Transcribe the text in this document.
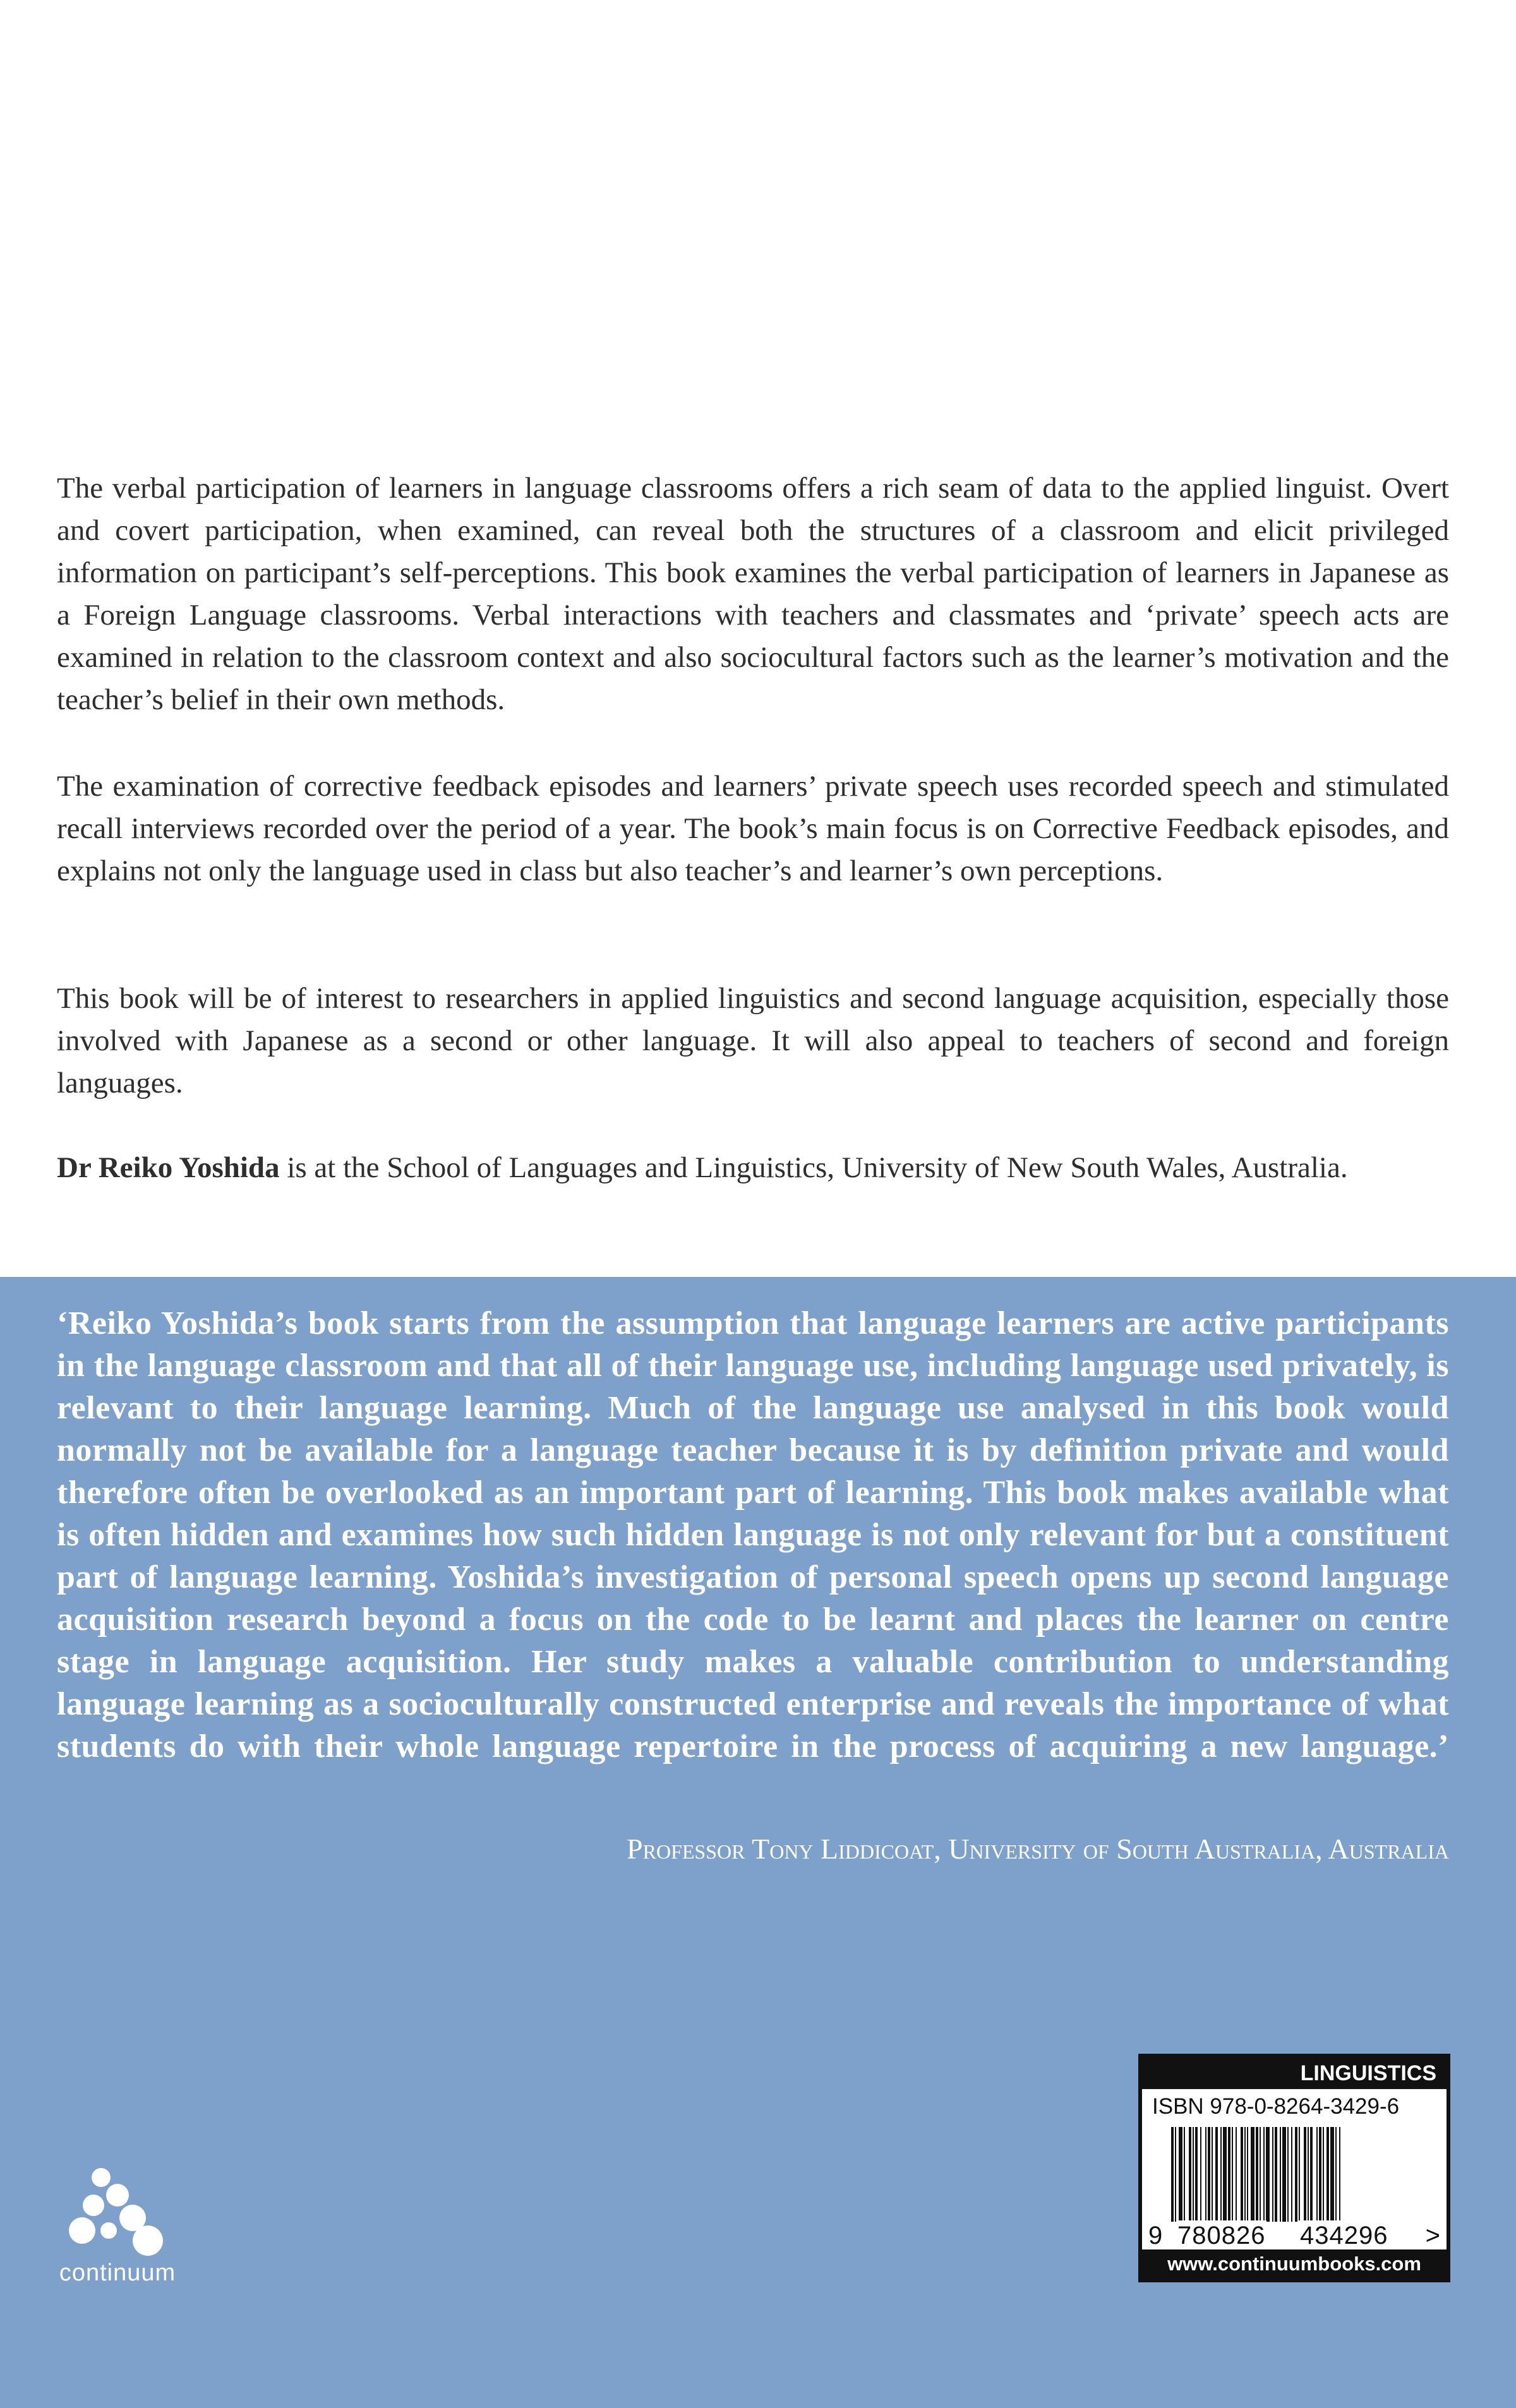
The verbal participation of learners in language classrooms offers a rich seam of data to the applied linguist. Overt and covert participation, when examined, can reveal both the structures of a classroom and elicit privileged information on participant’s self-perceptions. This book examines the verbal participation of learners in Japanese as a Foreign Language classrooms. Verbal interactions with teachers and classmates and ‘private’ speech acts are examined in relation to the classroom context and also sociocultural factors such as the learner’s motivation and the teacher’s belief in their own methods.

The examination of corrective feedback episodes and learners’ private speech uses recorded speech and stimulated recall interviews recorded over the period of a year. The book’s main focus is on Corrective Feedback episodes, and explains not only the language used in class but also teacher’s and learner’s own perceptions.

This book will be of interest to researchers in applied linguistics and second language acquisition, especially those involved with Japanese as a second or other language. It will also appeal to teachers of second and foreign languages.

Dr Reiko Yoshida is at the School of Languages and Linguistics, University of New South Wales, Australia.

‘Reiko Yoshida’s book starts from the assumption that language learners are active participants in the language classroom and that all of their language use, including language used privately, is relevant to their language learning. Much of the language use analysed in this book would normally not be available for a language teacher because it is by definition private and would therefore often be overlooked as an important part of learning. This book makes available what is often hidden and examines how such hidden language is not only relevant for but a constituent part of language learning. Yoshida’s investigation of personal speech opens up second language acquisition research beyond a focus on the code to be learnt and places the learner on centre stage in language acquisition. Her study makes a valuable contribution to understanding language learning as a socioculturally constructed enterprise and reveals the importance of what students do with their whole language repertoire in the process of acquiring a new language.’

Professor Tony Liddicoat, University of South Australia, Australia
continuum
LINGUISTICS
ISBN 978-0-8264-3429-6
9 780826 434296 >
www.continuumbooks.com
